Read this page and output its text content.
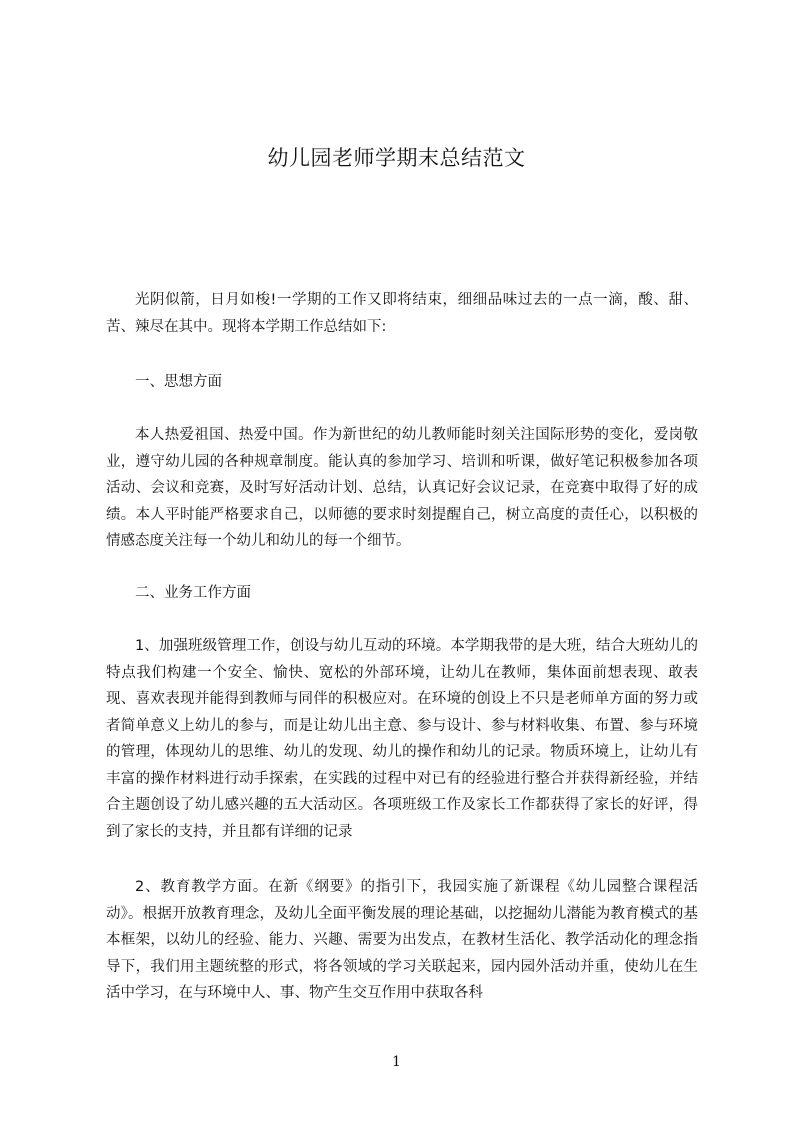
幼儿园老师学期末总结范文
光阴似箭，日月如梭!一学期的工作又即将结束，细细品味过去的一点一滴，酸、甜、苦、辣尽在其中。现将本学期工作总结如下:
一、思想方面
本人热爱祖国、热爱中国。作为新世纪的幼儿教师能时刻关注国际形势的变化，爱岗敬业，遵守幼儿园的各种规章制度。能认真的参加学习、培训和听课，做好笔记积极参加各项活动、会议和竞赛，及时写好活动计划、总结，认真记好会议记录，在竞赛中取得了好的成绩。本人平时能严格要求自己，以师德的要求时刻提醒自己，树立高度的责任心，以积极的情感态度关注每一个幼儿和幼儿的每一个细节。
二、业务工作方面
1、加强班级管理工作，创设与幼儿互动的环境。本学期我带的是大班，结合大班幼儿的特点我们构建一个安全、愉快、宽松的外部环境，让幼儿在教师，集体面前想表现、敢表现、喜欢表现并能得到教师与同伴的积极应对。在环境的创设上不只是老师单方面的努力或者简单意义上幼儿的参与，而是让幼儿出主意、参与设计、参与材料收集、布置、参与环境的管理，体现幼儿的思维、幼儿的发现、幼儿的操作和幼儿的记录。物质环境上，让幼儿有丰富的操作材料进行动手探索，在实践的过程中对已有的经验进行整合并获得新经验，并结合主题创设了幼儿感兴趣的五大活动区。各项班级工作及家长工作都获得了家长的好评，得到了家长的支持，并且都有详细的记录
2、教育教学方面。在新《纲要》的指引下，我园实施了新课程《幼儿园整合课程活动》。根据开放教育理念，及幼儿全面平衡发展的理论基础，以挖掘幼儿潜能为教育模式的基本框架，以幼儿的经验、能力、兴趣、需要为出发点，在教材生活化、教学活动化的理念指导下，我们用主题统整的形式，将各领域的学习关联起来，园内园外活动并重，使幼儿在生活中学习，在与环境中人、事、物产生交互作用中获取各科
1
